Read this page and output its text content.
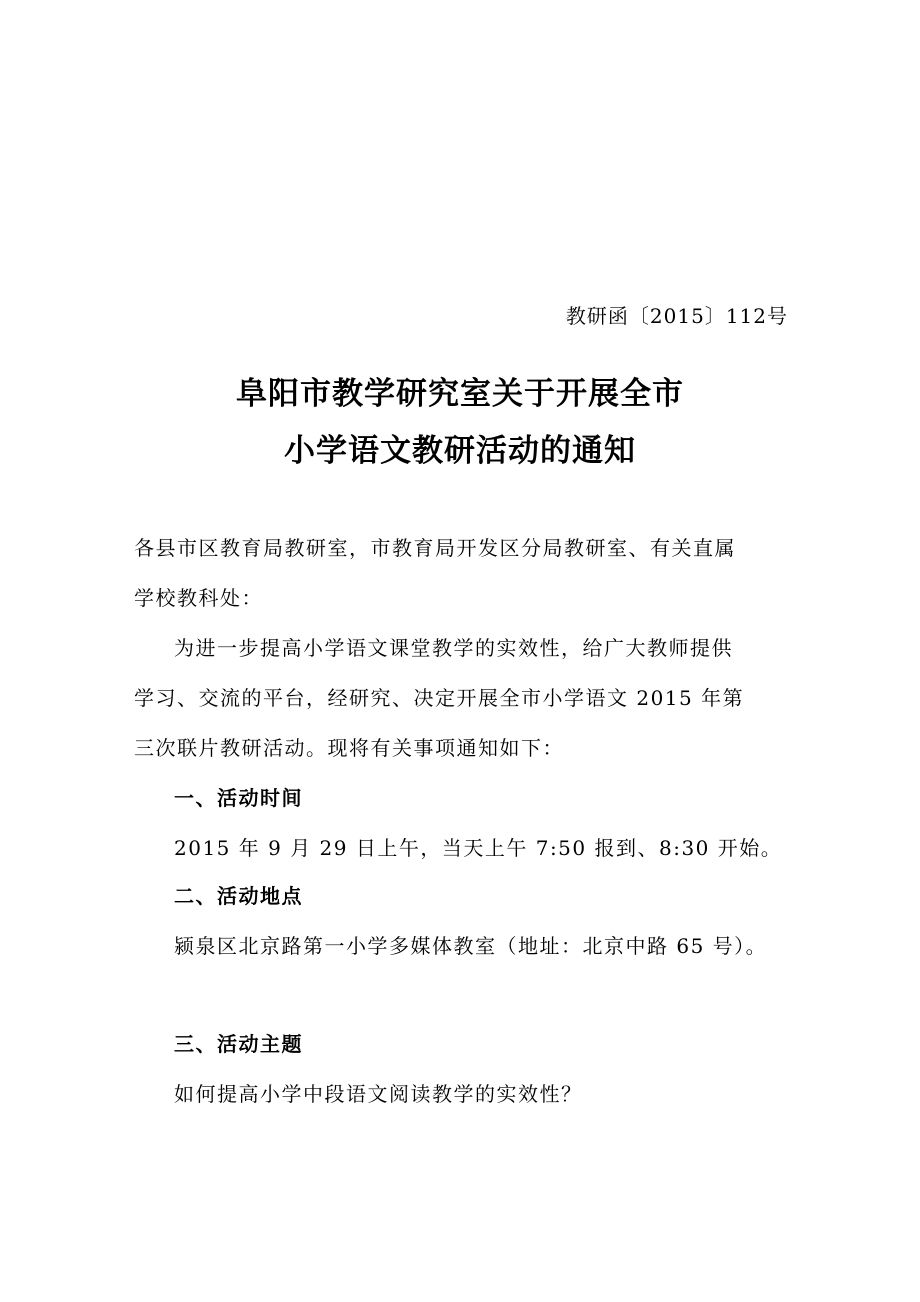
教研函〔2015〕112号
阜阳市教学研究室关于开展全市
小学语文教研活动的通知
各县市区教育局教研室，市教育局开发区分局教研室、有关直属
学校教科处：
为进一步提高小学语文课堂教学的实效性，给广大教师提供
学习、交流的平台，经研究、决定开展全市小学语文 2015 年第
三次联片教研活动。现将有关事项通知如下：
一、活动时间
2015 年 9 月 29 日上午，当天上午 7:50 报到、8:30 开始。
二、活动地点
颍泉区北京路第一小学多媒体教室（地址：北京中路 65 号）。
三、活动主题
如何提高小学中段语文阅读教学的实效性？
